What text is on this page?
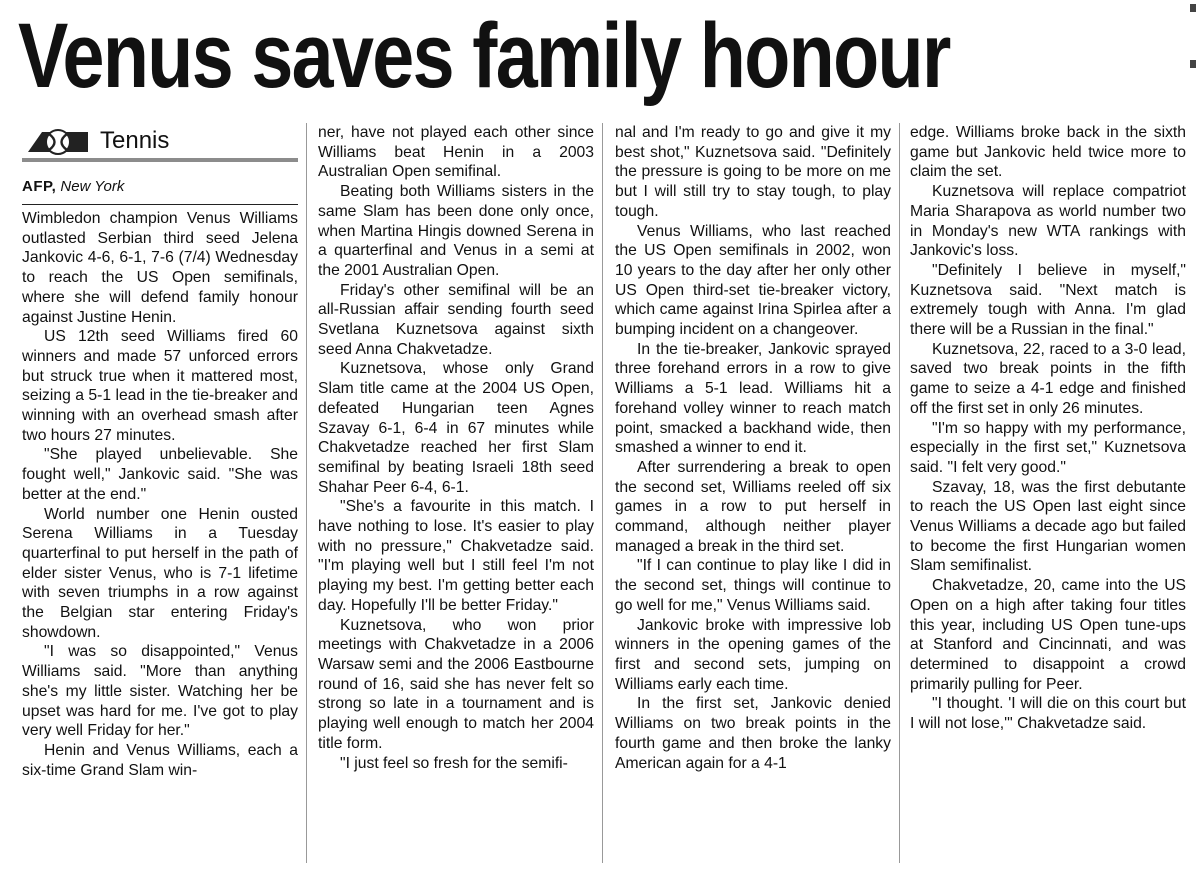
Venus saves family honour
Tennis
AFP, New York

Wimbledon champion Venus Williams outlasted Serbian third seed Jelena Jankovic 4-6, 6-1, 7-6 (7/4) Wednesday to reach the US Open semifinals, where she will defend family honour against Justine Henin.

US 12th seed Williams fired 60 winners and made 57 unforced errors but struck true when it mattered most, seizing a 5-1 lead in the tie-breaker and winning with an overhead smash after two hours 27 minutes.

"She played unbelievable. She fought well," Jankovic said. "She was better at the end."

World number one Henin ousted Serena Williams in a Tuesday quarterfinal to put herself in the path of elder sister Venus, who is 7-1 lifetime with seven triumphs in a row against the Belgian star entering Friday's showdown.

"I was so disappointed," Venus Williams said. "More than anything she's my little sister. Watching her be upset was hard for me. I've got to play very well Friday for her."

Henin and Venus Williams, each a six-time Grand Slam win-

ner, have not played each other since Williams beat Henin in a 2003 Australian Open semifinal.

Beating both Williams sisters in the same Slam has been done only once, when Martina Hingis downed Serena in a quarterfinal and Venus in a semi at the 2001 Australian Open.

Friday's other semifinal will be an all-Russian affair sending fourth seed Svetlana Kuznetsova against sixth seed Anna Chakvetadze.

Kuznetsova, whose only Grand Slam title came at the 2004 US Open, defeated Hungarian teen Agnes Szavay 6-1, 6-4 in 67 minutes while Chakvetadze reached her first Slam semifinal by beating Israeli 18th seed Shahar Peer 6-4, 6-1.

"She's a favourite in this match. I have nothing to lose. It's easier to play with no pressure," Chakvetadze said. "I'm playing well but I still feel I'm not playing my best. I'm getting better each day. Hopefully I'll be better Friday."

Kuznetsova, who won prior meetings with Chakvetadze in a 2006 Warsaw semi and the 2006 Eastbourne round of 16, said she has never felt so strong so late in a tournament and is playing well enough to match her 2004 title form.

"I just feel so fresh for the semifi-

nal and I'm ready to go and give it my best shot," Kuznetsova said. "Definitely the pressure is going to be more on me but I will still try to stay tough, to play tough.

Venus Williams, who last reached the US Open semifinals in 2002, won 10 years to the day after her only other US Open third-set tie-breaker victory, which came against Irina Spirlea after a bumping incident on a changeover.

In the tie-breaker, Jankovic sprayed three forehand errors in a row to give Williams a 5-1 lead. Williams hit a forehand volley winner to reach match point, smacked a backhand wide, then smashed a winner to end it.

After surrendering a break to open the second set, Williams reeled off six games in a row to put herself in command, although neither player managed a break in the third set.

"If I can continue to play like I did in the second set, things will continue to go well for me," Venus Williams said.

Jankovic broke with impressive lob winners in the opening games of the first and second sets, jumping on Williams early each time.

In the first set, Jankovic denied Williams on two break points in the fourth game and then broke the lanky American again for a 4-1

edge. Williams broke back in the sixth game but Jankovic held twice more to claim the set.

Kuznetsova will replace compatriot Maria Sharapova as world number two in Monday's new WTA rankings with Jankovic's loss.

"Definitely I believe in myself," Kuznetsova said. "Next match is extremely tough with Anna. I'm glad there will be a Russian in the final."

Kuznetsova, 22, raced to a 3-0 lead, saved two break points in the fifth game to seize a 4-1 edge and finished off the first set in only 26 minutes.

"I'm so happy with my performance, especially in the first set," Kuznetsova said. "I felt very good."

Szavay, 18, was the first debutante to reach the US Open last eight since Venus Williams a decade ago but failed to become the first Hungarian women Slam semifinalist.

Chakvetadze, 20, came into the US Open on a high after taking four titles this year, including US Open tune-ups at Stanford and Cincinnati, and was determined to disappoint a crowd primarily pulling for Peer.

"I thought. 'I will die on this court but I will not lose,'" Chakvetadze said.
